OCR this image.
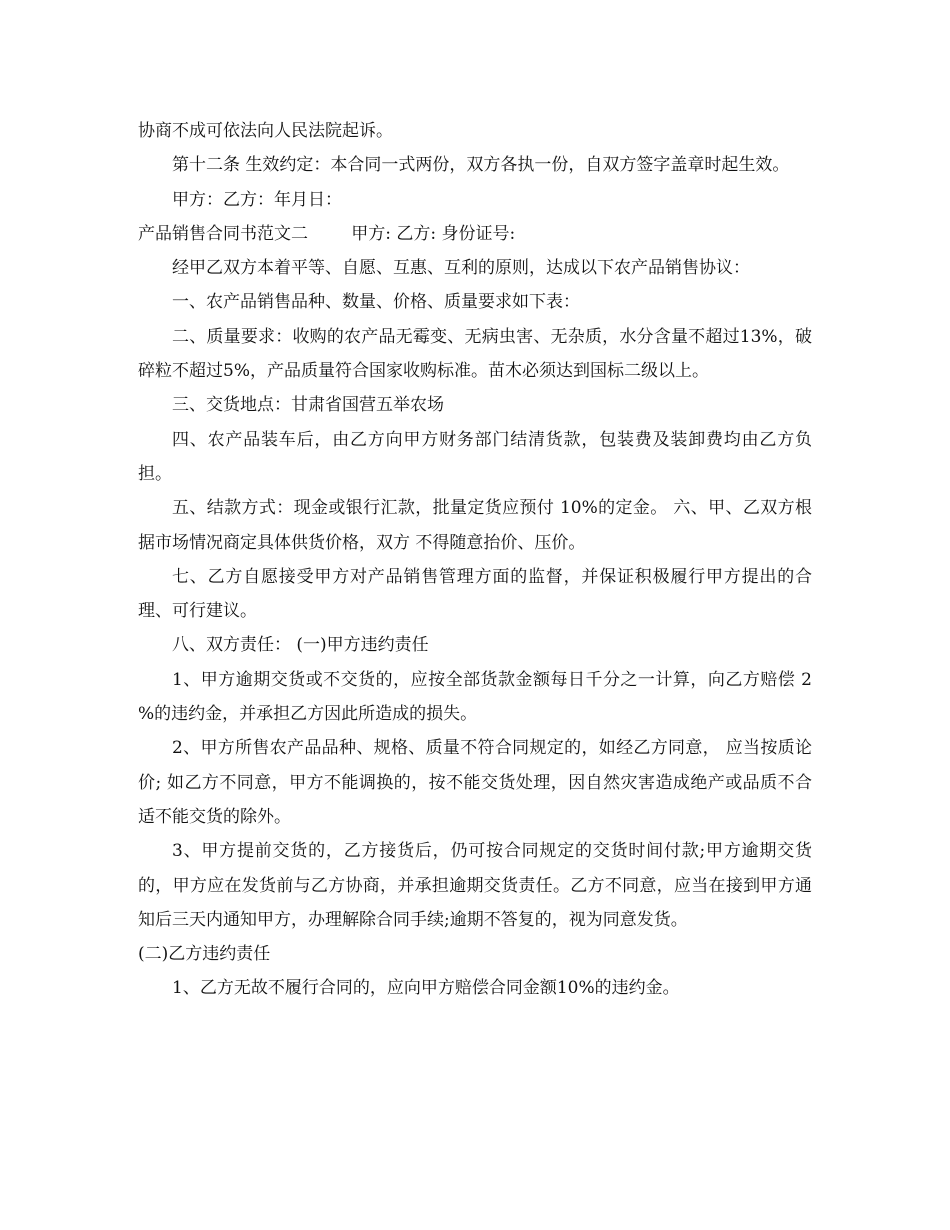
协商不成可依法向人民法院起诉。

第十二条 生效约定：本合同一式两份，双方各执一份，自双方签字盖章时起生效。

甲方：乙方：年月日：

产品销售合同书范文二        甲方: 乙方: 身份证号:

经甲乙双方本着平等、自愿、互惠、互利的原则，达成以下农产品销售协议：

一、农产品销售品种、数量、价格、质量要求如下表：

二、质量要求：收购的农产品无霉变、无病虫害、无杂质，水分含量不超过13%，破碎粒不超过5%，产品质量符合国家收购标准。苗木必须达到国标二级以上。

三、交货地点：甘肃省国营五举农场

四、农产品装车后，由乙方向甲方财务部门结清货款，包装费及装卸费均由乙方负担。

五、结款方式：现金或银行汇款，批量定货应预付 10%的定金。 六、甲、乙双方根据市场情况商定具体供货价格，双方 不得随意抬价、压价。

七、乙方自愿接受甲方对产品销售管理方面的监督，并保证积极履行甲方提出的合理、可行建议。

八、双方责任： (一)甲方违约责任

1、甲方逾期交货或不交货的，应按全部货款金额每日千分之一计算，向乙方赔偿 2 %的违约金，并承担乙方因此所造成的损失。

2、甲方所售农产品品种、规格、质量不符合同规定的，如经乙方同意， 应当按质论价; 如乙方不同意，甲方不能调换的，按不能交货处理，因自然灾害造成绝产或品质不合适不能交货的除外。

3、甲方提前交货的，乙方接货后，仍可按合同规定的交货时间付款;甲方逾期交货的，甲方应在发货前与乙方协商，并承担逾期交货责任。乙方不同意，应当在接到甲方通知后三天内通知甲方，办理解除合同手续;逾期不答复的，视为同意发货。

(二)乙方违约责任

1、乙方无故不履行合同的，应向甲方赔偿合同金额10%的违约金。
